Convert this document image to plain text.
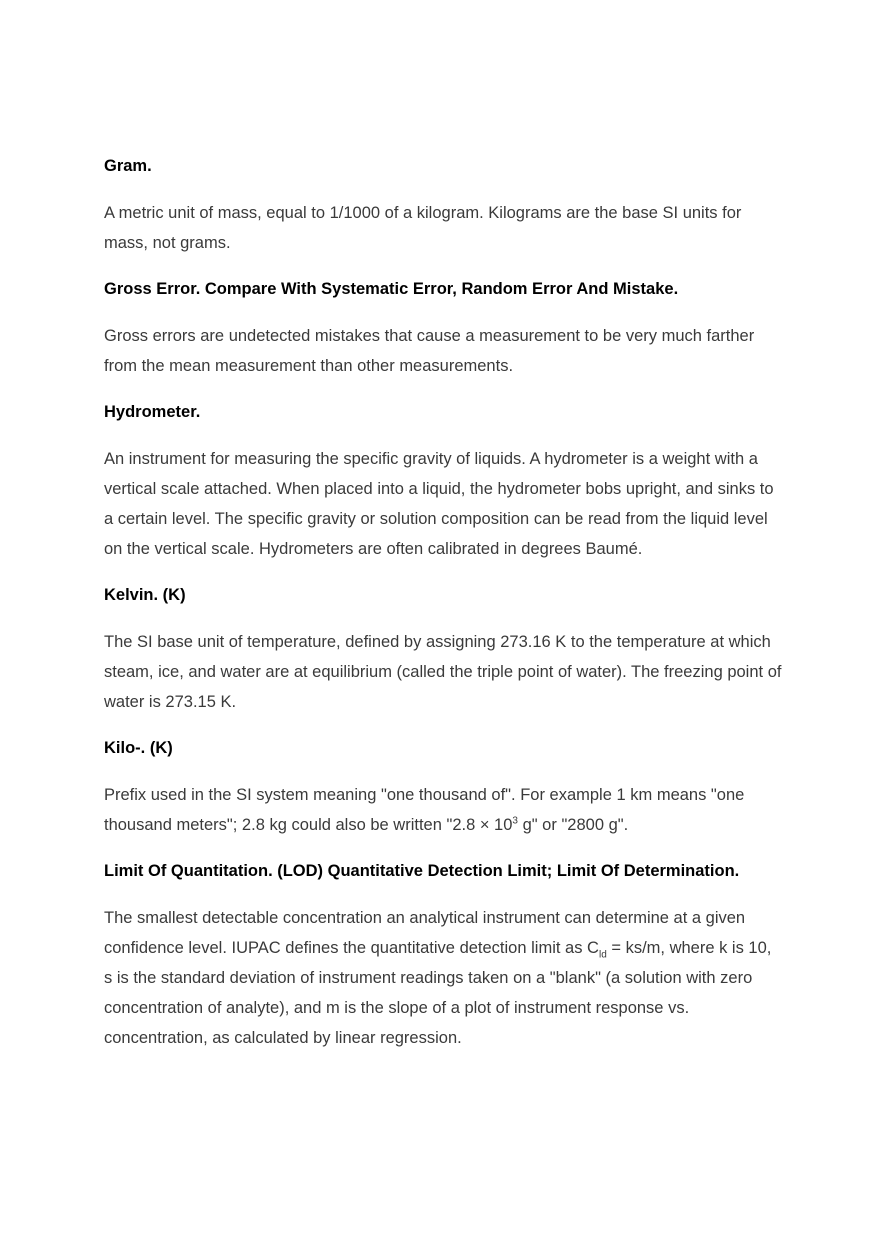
Gram.
A metric unit of mass, equal to 1/1000 of a kilogram. Kilograms are the base SI units for mass, not grams.
Gross Error. Compare With Systematic Error, Random Error And Mistake.
Gross errors are undetected mistakes that cause a measurement to be very much farther from the mean measurement than other measurements.
Hydrometer.
An instrument for measuring the specific gravity of liquids. A hydrometer is a weight with a vertical scale attached. When placed into a liquid, the hydrometer bobs upright, and sinks to a certain level. The specific gravity or solution composition can be read from the liquid level on the vertical scale. Hydrometers are often calibrated in degrees Baumé.
Kelvin. (K)
The SI base unit of temperature, defined by assigning 273.16 K to the temperature at which steam, ice, and water are at equilibrium (called the triple point of water). The freezing point of water is 273.15 K.
Kilo-. (K)
Prefix used in the SI system meaning "one thousand of". For example 1 km means "one thousand meters"; 2.8 kg could also be written "$2.8 \times 10^3$ g" or "2800 g".
Limit Of Quantitation. (LOD) Quantitative Detection Limit; Limit Of Determination.
The smallest detectable concentration an analytical instrument can determine at a given confidence level. IUPAC defines the quantitative detection limit as $C_{ld} = ks/m$, where k is 10, s is the standard deviation of instrument readings taken on a "blank" (a solution with zero concentration of analyte), and m is the slope of a plot of instrument response vs. concentration, as calculated by linear regression.
